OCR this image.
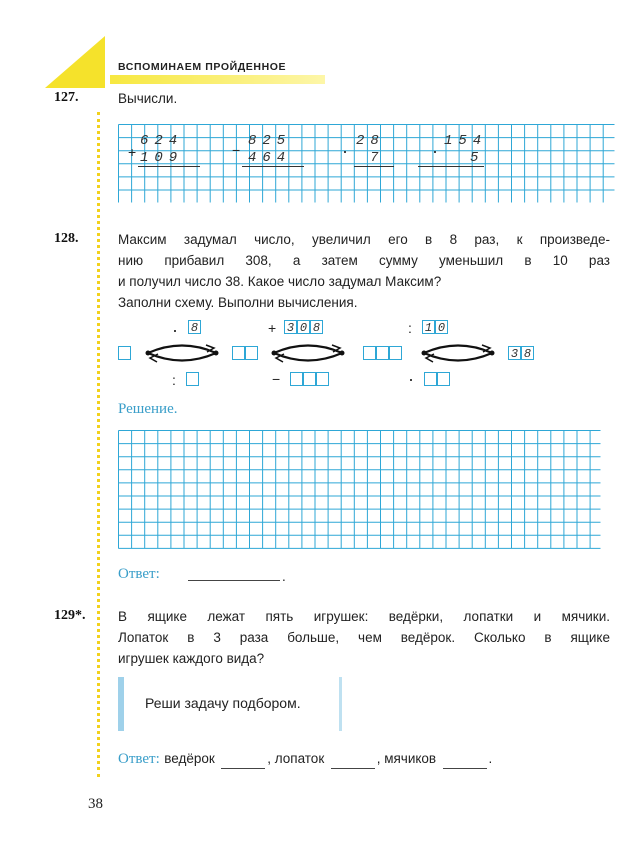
ВСПОМИНАЕМ ПРОЙДЕННОЕ
127.	Вычисли.
+
624
109	−
825
464	· 28
7	· 154
5
128.	Максим задумал число, увеличил его в 8 раз, к произведе-
нию прибавил 308, а затем сумму уменьшил в 10 раз
и получил число 38. Какое число задумал Максим?
Заполни схему. Выполни вычисления.
· 8	+ 3 0 8	: 1 0
3 8
:	−	·
Решение.
Ответ:	.
129*. В ящике лежат пять игрушек: ведёрки, лопатки и мячики.
Лопаток в 3 раза больше, чем ведёрок. Сколько в ящике
игрушек каждого вида?
Реши задачу подбором.
Ответ: ведёрок	, лопаток	, мячиков	.
38
